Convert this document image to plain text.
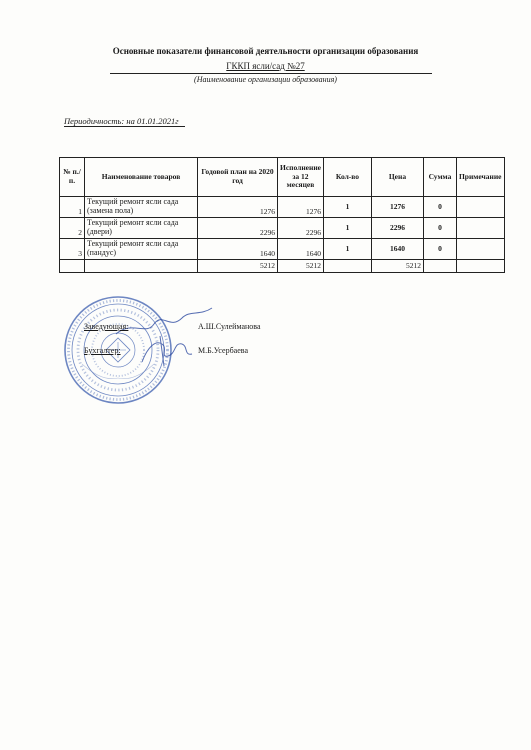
Основные показатели финансовой деятельности организации образования
ГККП ясли/сад №27
(Наименование организации образования)
Периодичность: на 01.01.2021г
№ п./п.	Наименование товаров	Годовой план на 2020 год	Исполнение за 12 месяцев	Кол-во	Цена	Сумма	Примечание
1	Текущий ремонт ясли сада (замена пола)	1276	1276	1	1276	0	
2	Текущий ремонт ясли сада (двери)	2296	2296	1	2296	0	
3	Текущий ремонт ясли сада (пандус)	1640	1640	1	1640	0	
		5212	5212		5212		
Заведующая:	А.Ш.Сулейманова
Бухгалтер:	М.Б.Усербаева
